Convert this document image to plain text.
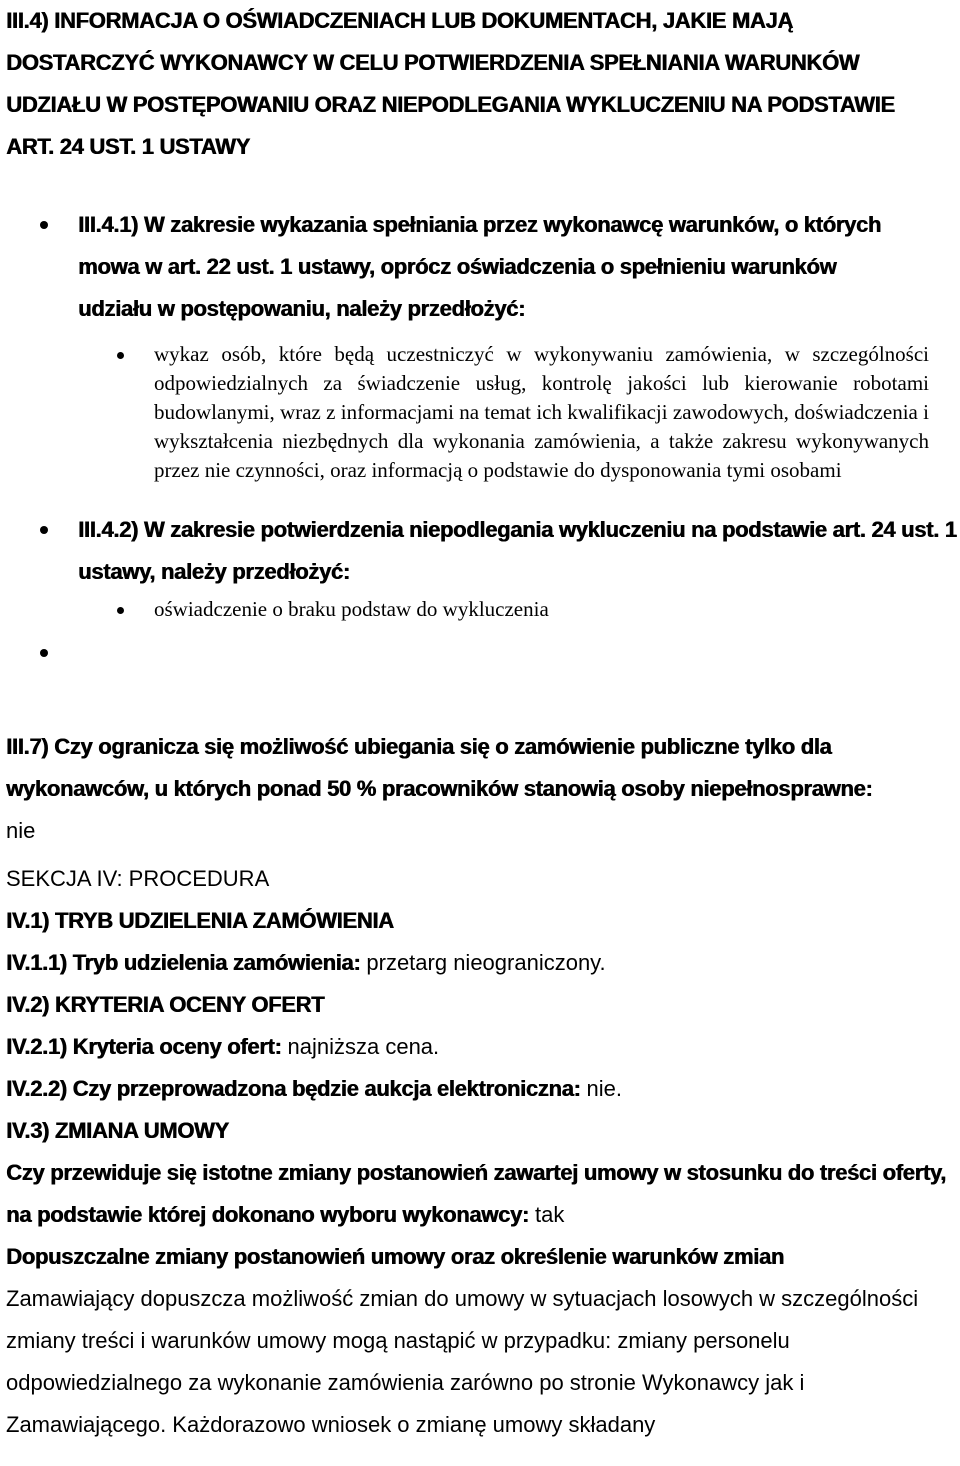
III.4) INFORMACJA O OŚWIADCZENIACH LUB DOKUMENTACH, JAKIE MAJĄ DOSTARCZYĆ WYKONAWCY W CELU POTWIERDZENIA SPEŁNIANIA WARUNKÓW UDZIAŁU W POSTĘPOWANIU ORAZ NIEPODLEGANIA WYKLUCZENIU NA PODSTAWIE ART. 24 UST. 1 USTAWY

III.4.1) W zakresie wykazania spełniania przez wykonawcę warunków, o których mowa w art. 22 ust. 1 ustawy, oprócz oświadczenia o spełnieniu warunków udziału w postępowaniu, należy przedłożyć:

wykaz osób, które będą uczestniczyć w wykonywaniu zamówienia, w szczególności odpowiedzialnych za świadczenie usług, kontrolę jakości lub kierowanie robotami budowlanymi, wraz z informacjami na temat ich kwalifikacji zawodowych, doświadczenia i wykształcenia niezbędnych dla wykonania zamówienia, a także zakresu wykonywanych przez nie czynności, oraz informacją o podstawie do dysponowania tymi osobami

III.4.2) W zakresie potwierdzenia niepodlegania wykluczeniu na podstawie art. 24 ust. 1 ustawy, należy przedłożyć:

oświadczenie o braku podstaw do wykluczenia

III.7) Czy ogranicza się możliwość ubiegania się o zamówienie publiczne tylko dla wykonawców, u których ponad 50 % pracowników stanowią osoby niepełnosprawne:

nie

SEKCJA IV: PROCEDURA

IV.1) TRYB UDZIELENIA ZAMÓWIENIA

IV.1.1) Tryb udzielenia zamówienia: przetarg nieograniczony.

IV.2) KRYTERIA OCENY OFERT

IV.2.1) Kryteria oceny ofert: najniższa cena.

IV.2.2) Czy przeprowadzona będzie aukcja elektroniczna: nie.

IV.3) ZMIANA UMOWY

Czy przewiduje się istotne zmiany postanowień zawartej umowy w stosunku do treści oferty, na podstawie której dokonano wyboru wykonawcy: tak

Dopuszczalne zmiany postanowień umowy oraz określenie warunków zmian

Zamawiający dopuszcza możliwość zmian do umowy w sytuacjach losowych w szczególności zmiany treści i warunków umowy mogą nastąpić w przypadku: zmiany personelu odpowiedzialnego za wykonanie zamówienia zarówno po stronie Wykonawcy jak i Zamawiającego. Każdorazowo wniosek o zmianę umowy składany
